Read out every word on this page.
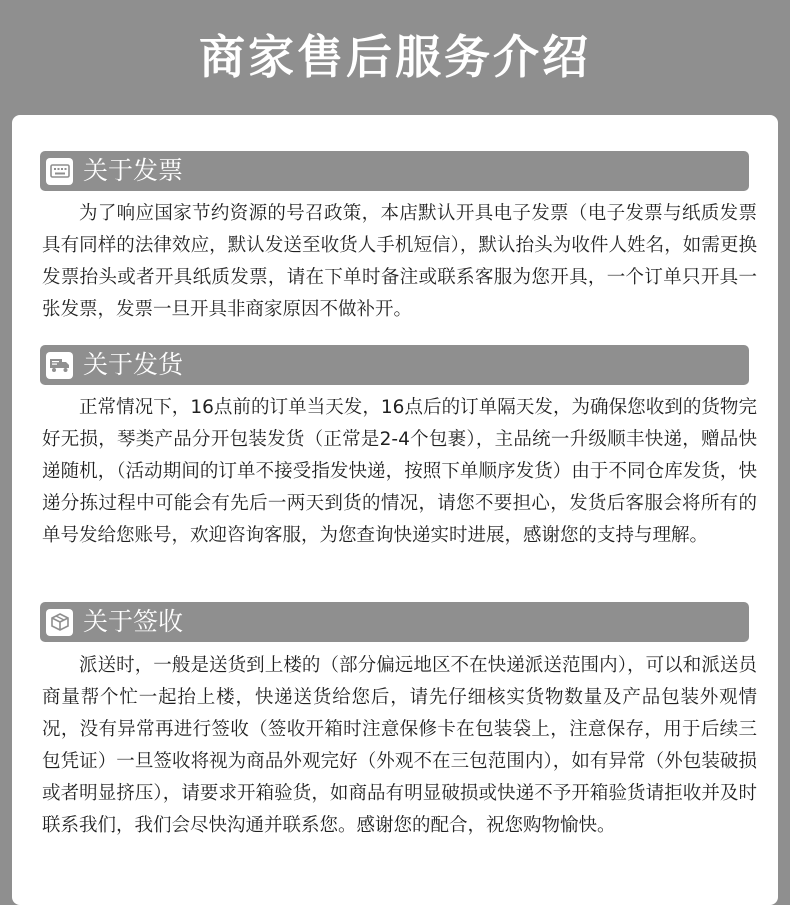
商家售后服务介绍
关于发票

为了响应国家节约资源的号召政策，本店默认开具电子发票（电子发票与纸质发票具有同样的法律效应，默认发送至收货人手机短信），默认抬头为收件人姓名，如需更换发票抬头或者开具纸质发票，请在下单时备注或联系客服为您开具，一个订单只开具一张发票，发票一旦开具非商家原因不做补开。

关于发货

正常情况下，16点前的订单当天发，16点后的订单隔天发，为确保您收到的货物完好无损，琴类产品分开包装发货（正常是2-4个包裹），主品统一升级顺丰快递，赠品快递随机，（活动期间的订单不接受指发快递，按照下单顺序发货）由于不同仓库发货，快递分拣过程中可能会有先后一两天到货的情况，请您不要担心，发货后客服会将所有的单号发给您账号，欢迎咨询客服，为您查询快递实时进展，感谢您的支持与理解。

关于签收

派送时，一般是送货到上楼的（部分偏远地区不在快递派送范围内），可以和派送员商量帮个忙一起抬上楼，快递送货给您后，请先仔细核实货物数量及产品包装外观情况，没有异常再进行签收（签收开箱时注意保修卡在包装袋上，注意保存，用于后续三包凭证）一旦签收将视为商品外观完好（外观不在三包范围内），如有异常（外包装破损或者明显挤压），请要求开箱验货，如商品有明显破损或快递不予开箱验货请拒收并及时联系我们，我们会尽快沟通并联系您。感谢您的配合，祝您购物愉快。
